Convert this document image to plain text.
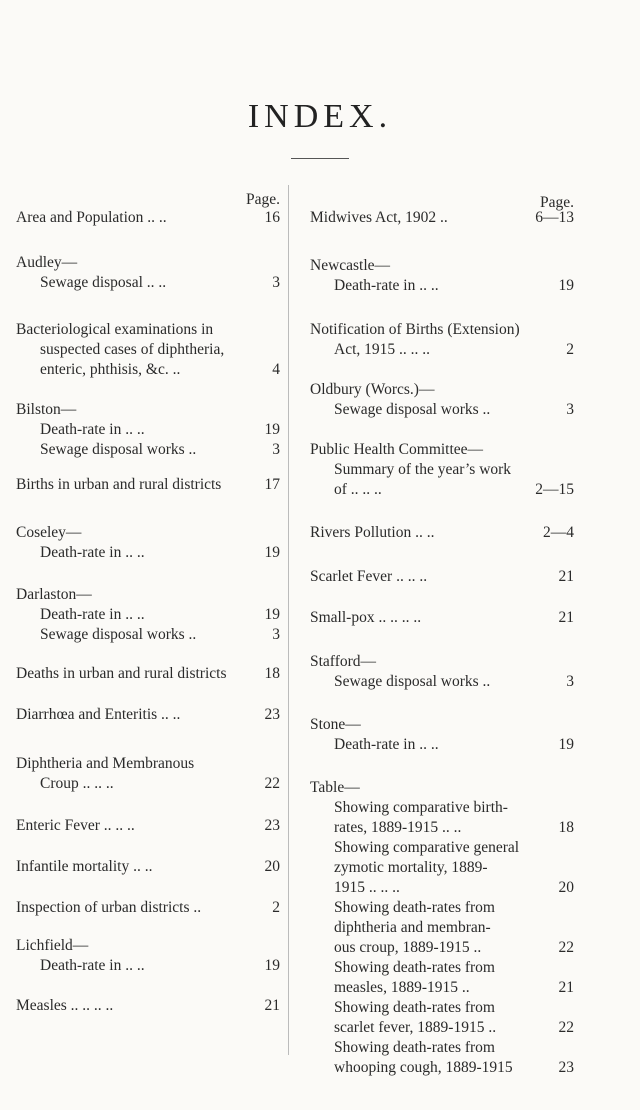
INDEX.
Page.
Area and Population .. ..	16
Audley—
Sewage disposal .. ..	3
Bacteriological examinations in
suspected cases of diphtheria,
enteric, phthisis, &c. ..	4
Bilston—
Death-rate in .. ..	19
Sewage disposal works ..	3
Births in urban and rural districts	17
Coseley—
Death-rate in .. ..	19
Darlaston—
Death-rate in .. ..	19
Sewage disposal works ..	3
Deaths in urban and rural districts 18
Diarrhœa and Enteritis .. ..	23
Diphtheria and Membranous
Croup .. .. ..	22
Enteric Fever .. .. ..	23
Infantile mortality .. ..	20
Inspection of urban districts ..	2
Lichfield—
Death-rate in .. ..	19
Measles .. .. .. ..	21
Page.
Midwives Act, 1902 ..	6—13
Newcastle—
Death-rate in .. ..	19
Notification of Births (Extension)
Act, 1915 .. .. ..	2
Oldbury (Worcs.)—
Sewage disposal works ..	3
Public Health Committee—
Summary of the year’s work
of .. .. ..	2—15
Rivers Pollution .. ..	2—4
Scarlet Fever .. .. ..	21
Small-pox .. .. .. ..	21
Stafford—
Sewage disposal works ..	3
Stone—
Death-rate in .. ..	19
Table—
Showing comparative birth-
rates, 1889-1915 .. ..	18
Showing comparative general
zymotic mortality, 1889-
1915 .. .. ..	20
Showing death-rates from
diphtheria and membran-
ous croup, 1889-1915 ..	22
Showing death-rates from
measles, 1889-1915 ..	21
Showing death-rates from
scarlet fever, 1889-1915 ..	22
Showing death-rates from
whooping cough, 1889-1915	23
